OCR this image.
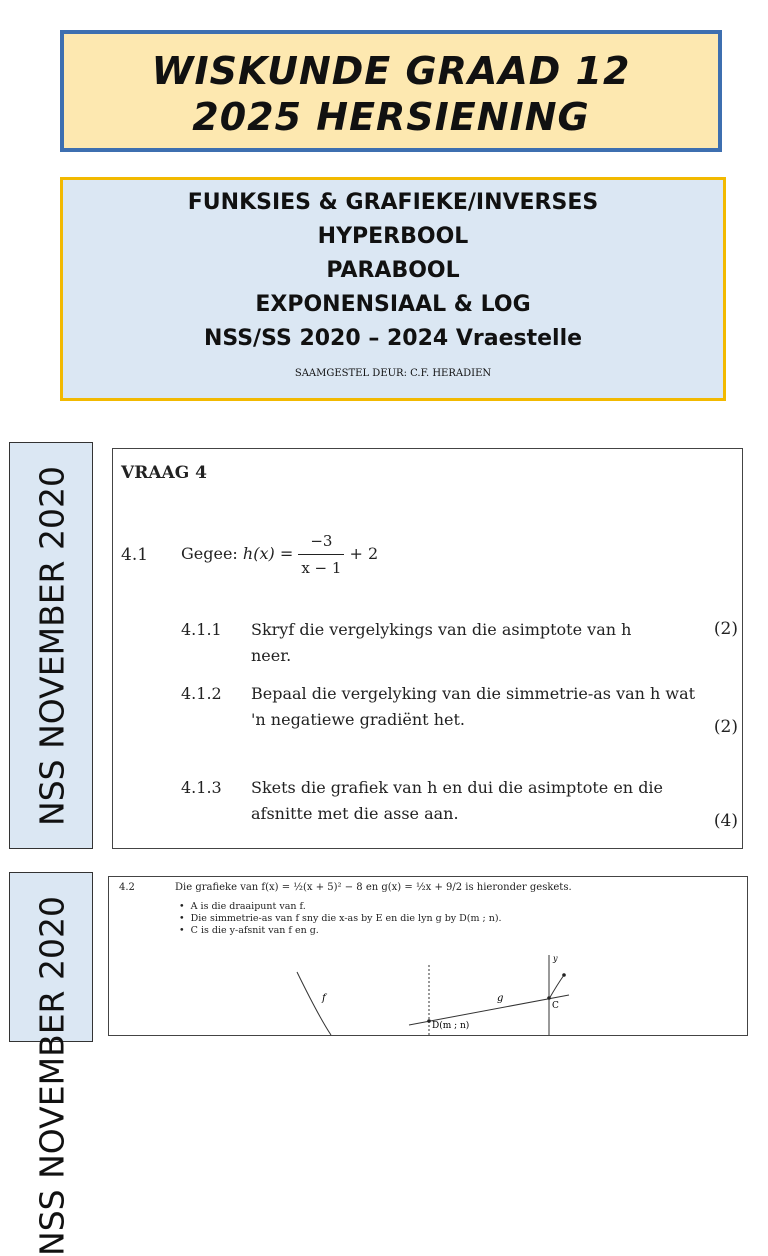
WISKUNDE GRAAD 12
2025 HERSIENING
FUNKSIES & GRAFIEKE/INVERSES
HYPERBOOL
PARABOOL
EXPONENSIAAL & LOG
NSS/SS 2020 – 2024 Vraestelle
SAAMGESTEL DEUR: C.F. HERADIEN
NSS NOVEMBER 2020	VRAAG 4
4.1 Gegee:
h(x) =
$\frac{-3}{x - 1}$
+ 2
4.1.1 Skryf die vergelykings van die asimptote van h neer.
(2)
4.1.2 Bepaal die vergelyking van die simmetrie-as van h wat 'n negatiewe gradiënt het.	(2)
4.1.3 Skets die grafiek van h en dui die asimptote en die afsnitte met die asse aan.	(4)
NSS NOVEMBER 2020
4.2	Die grafieke van f(x) = ½(x + 5)² − 8 en g(x) = ½x + 9/2 is hieronder geskets.
•  A is die draaipunt van f.
•  Die simmetrie-as van f sny die x-as by E en die lyn g by D(m ; n).
•  C is die y-afsnit van f en g.
f	g
y
C
D(m ; n)
